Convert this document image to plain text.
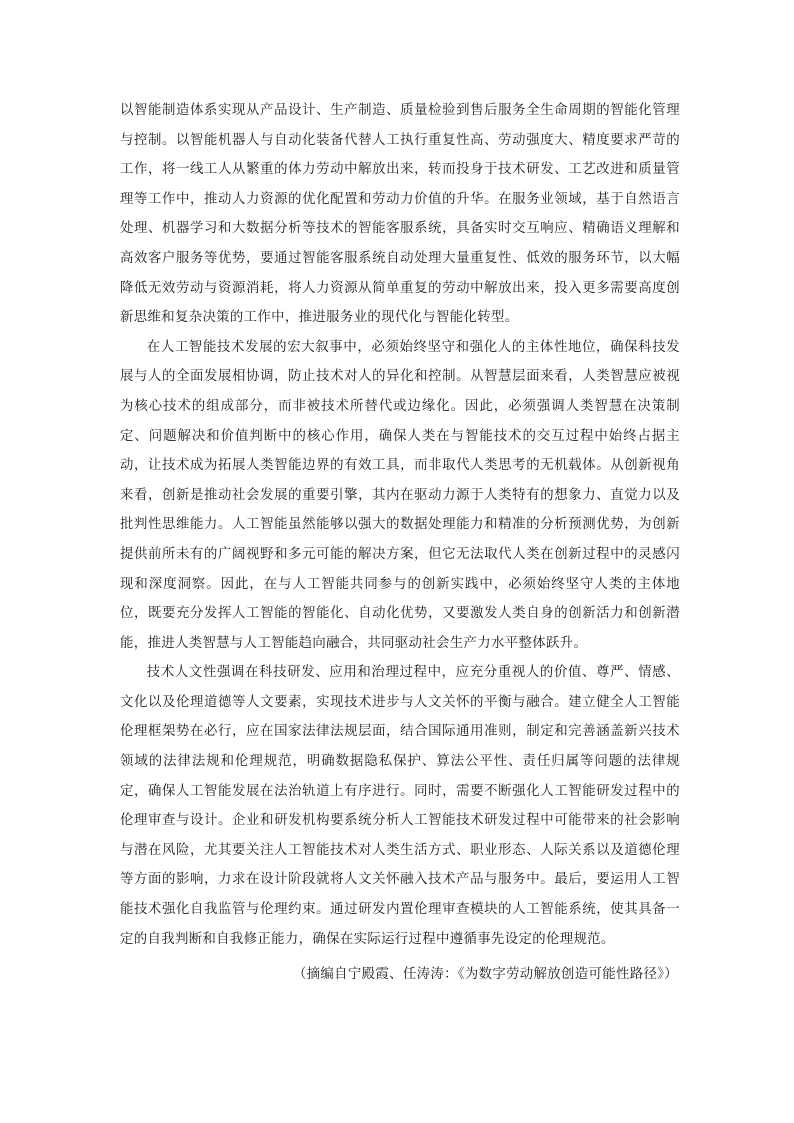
以智能制造体系实现从产品设计、生产制造、质量检验到售后服务全生命周期的智能化管理与控制。以智能机器人与自动化装备代替人工执行重复性高、劳动强度大、精度要求严苛的工作，将一线工人从繁重的体力劳动中解放出来，转而投身于技术研发、工艺改进和质量管理等工作中，推动人力资源的优化配置和劳动力价值的升华。在服务业领域，基于自然语言处理、机器学习和大数据分析等技术的智能客服系统，具备实时交互响应、精确语义理解和高效客户服务等优势，要通过智能客服系统自动处理大量重复性、低效的服务环节，以大幅降低无效劳动与资源消耗，将人力资源从简单重复的劳动中解放出来，投入更多需要高度创新思维和复杂决策的工作中，推进服务业的现代化与智能化转型。

在人工智能技术发展的宏大叙事中，必须始终坚守和强化人的主体性地位，确保科技发展与人的全面发展相协调，防止技术对人的异化和控制。从智慧层面来看，人类智慧应被视为核心技术的组成部分，而非被技术所替代或边缘化。因此，必须强调人类智慧在决策制定、问题解决和价值判断中的核心作用，确保人类在与智能技术的交互过程中始终占据主动，让技术成为拓展人类智能边界的有效工具，而非取代人类思考的无机载体。从创新视角来看，创新是推动社会发展的重要引擎，其内在驱动力源于人类特有的想象力、直觉力以及批判性思维能力。人工智能虽然能够以强大的数据处理能力和精准的分析预测优势，为创新提供前所未有的广阔视野和多元可能的解决方案，但它无法取代人类在创新过程中的灵感闪现和深度洞察。因此，在与人工智能共同参与的创新实践中，必须始终坚守人类的主体地位，既要充分发挥人工智能的智能化、自动化优势，又要激发人类自身的创新活力和创新潜能，推进人类智慧与人工智能趋向融合，共同驱动社会生产力水平整体跃升。

技术人文性强调在科技研发、应用和治理过程中，应充分重视人的价值、尊严、情感、文化以及伦理道德等人文要素，实现技术进步与人文关怀的平衡与融合。建立健全人工智能伦理框架势在必行，应在国家法律法规层面，结合国际通用准则，制定和完善涵盖新兴技术领域的法律法规和伦理规范，明确数据隐私保护、算法公平性、责任归属等问题的法律规定，确保人工智能发展在法治轨道上有序进行。同时，需要不断强化人工智能研发过程中的伦理审查与设计。企业和研发机构要系统分析人工智能技术研发过程中可能带来的社会影响与潜在风险，尤其要关注人工智能技术对人类生活方式、职业形态、人际关系以及道德伦理等方面的影响，力求在设计阶段就将人文关怀融入技术产品与服务中。最后，要运用人工智能技术强化自我监管与伦理约束。通过研发内置伦理审查模块的人工智能系统，使其具备一定的自我判断和自我修正能力，确保在实际运行过程中遵循事先设定的伦理规范。

（摘编自宁殿霞、任涛涛：《为数字劳动解放创造可能性路径》）
